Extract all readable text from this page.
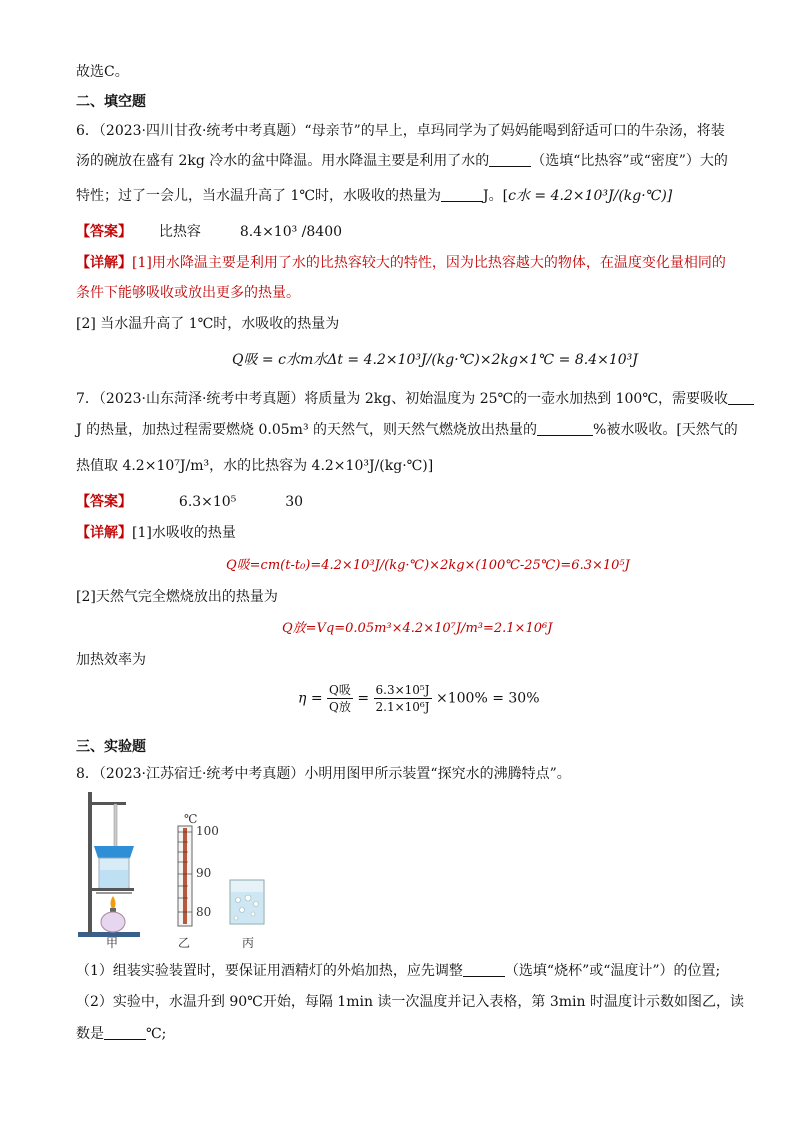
故选C。
二、填空题
6．（2023·四川甘孜·统考中考真题）“母亲节”的早上，卓玛同学为了妈妈能喝到舒适可口的牛杂汤，将装
汤的碗放在盛有 2kg 冷水的盆中降温。用水降温主要是利用了水的	（选填“比热容”或“密度”）大的
特性；过了一会儿，当水温升高了 1℃时，水吸收的热量为	J。[c水 = 4.2×10³J/(kg·℃)]
【答案】 比热容	8.4×10³ /8400
【详解】[1]用水降温主要是利用了水的比热容较大的特性，因为比热容越大的物体，在温度变化量相同的
条件下能够吸收或放出更多的热量。
[2] 当水温升高了 1℃时，水吸收的热量为
Q吸 = c水m水Δt = 4.2×10³J/(kg·℃)×2kg×1℃ = 8.4×10³J
7．（2023·山东菏泽·统考中考真题）将质量为 2kg、初始温度为 25℃的一壶水加热到 100℃，需要吸收
J 的热量，加热过程需要燃烧 0.05m³ 的天然气，则天然气燃烧放出热量的	%被水吸收。[天然气的
热值取 4.2×10⁷J/m³，水的比热容为 4.2×10³J/(kg·℃)]
【答案】	6.3×10⁵	30
【详解】[1]水吸收的热量
Q吸=cm(t-t₀)=4.2×10³J/(kg·℃)×2kg×(100℃-25℃)=6.3×10⁵J
[2]天然气完全燃烧放出的热量为
Q放=Vq=0.05m³×4.2×10⁷J/m³=2.1×10⁶J
加热效率为
$\eta = \frac{\text{Q吸}}{\text{Q放}} = \frac{\text{6.3×10⁵J}}{\text{2.1×10⁶J}} \times 100\% = 30\%$
三、实验题
8．（2023·江苏宿迁·统考中考真题）小明用图甲所示装置“探究水的沸腾特点”。
℃
100
90
80
甲	乙	丙
（1）组装实验装置时，要保证用酒精灯的外焰加热，应先调整	（选填“烧杯”或“温度计”）的位置;
（2）实验中，水温升到 90℃开始，每隔 1min 读一次温度并记入表格，第 3min 时温度计示数如图乙，读
数是	℃;
